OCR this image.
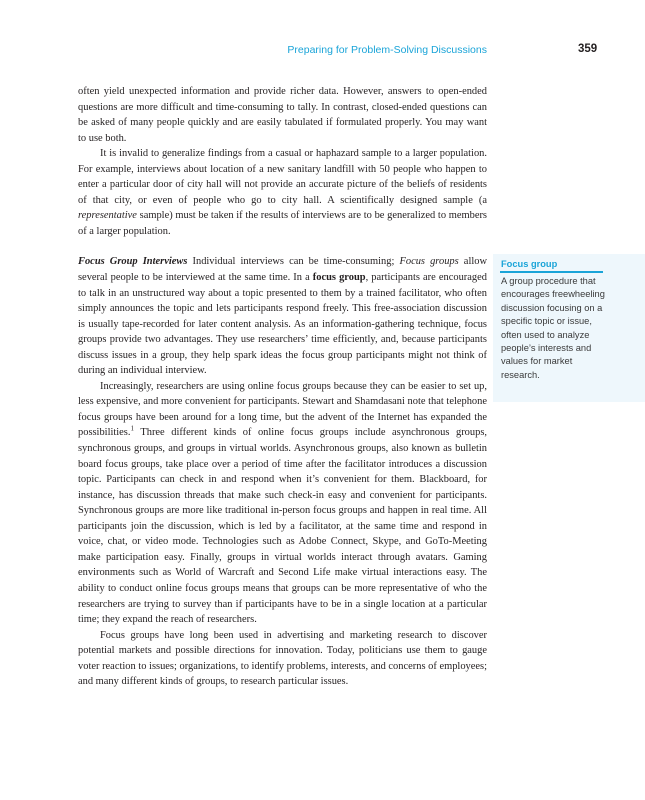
Preparing for Problem-Solving Discussions	359

often yield unexpected information and provide richer data. However, answers to open-ended questions are more difficult and time-consuming to tally. In contrast, closed-ended questions can be asked of many people quickly and are easily tabulated if formulated properly. You may want to use both.

It is invalid to generalize findings from a casual or haphazard sample to a larger population. For example, interviews about location of a new sanitary landfill with 50 people who happen to enter a particular door of city hall will not provide an accurate picture of the beliefs of residents of that city, or even of people who go to city hall. A scientifically designed sample (a representative sample) must be taken if the results of interviews are to be generalized to members of a larger population.

Focus Group Interviews Individual interviews can be time-consuming; Focus groups allow several people to be interviewed at the same time. In a focus group, participants are encouraged to talk in an unstructured way about a topic presented to them by a trained facilitator, who often simply announces the topic and lets participants respond freely. This free-association discussion is usually tape-recorded for later content analysis. As an information-gathering technique, focus groups provide two advantages. They use researchers’ time efficiently, and, because participants discuss issues in a group, they help spark ideas the focus group participants might not think of during an individual interview.

Increasingly, researchers are using online focus groups because they can be easier to set up, less expensive, and more convenient for participants. Stewart and Shamdasani note that telephone focus groups have been around for a long time, but the advent of the Internet has expanded the possibilities.$^1$ Three different kinds of online focus groups include asynchronous groups, synchronous groups, and groups in virtual worlds. Asynchronous groups, also known as bulletin board focus groups, take place over a period of time after the facilitator introduces a discussion topic. Participants can check in and respond when it’s convenient for them. Blackboard, for instance, has discussion threads that make such check-in easy and convenient for participants. Synchronous groups are more like traditional in-person focus groups and happen in real time. All participants join the discussion, which is led by a facilitator, at the same time and respond in voice, chat, or video mode. Technologies such as Adobe Connect, Skype, and GoTo-Meeting make participation easy. Finally, groups in virtual worlds interact through avatars. Gaming environments such as World of Warcraft and Second Life make virtual interactions easy. The ability to conduct online focus groups means that groups can be more representative of who the researchers are trying to survey than if participants have to be in a single location at a particular time; they expand the reach of researchers.

Focus groups have long been used in advertising and marketing research to discover potential markets and possible directions for innovation. Today, politicians use them to gauge voter reaction to issues; organizations, to identify problems, interests, and concerns of employees; and many different kinds of groups, to research particular issues.

Focus group
A group procedure that encourages freewheeling discussion focusing on a specific topic or issue, often used to analyze people’s interests and values for market research.
